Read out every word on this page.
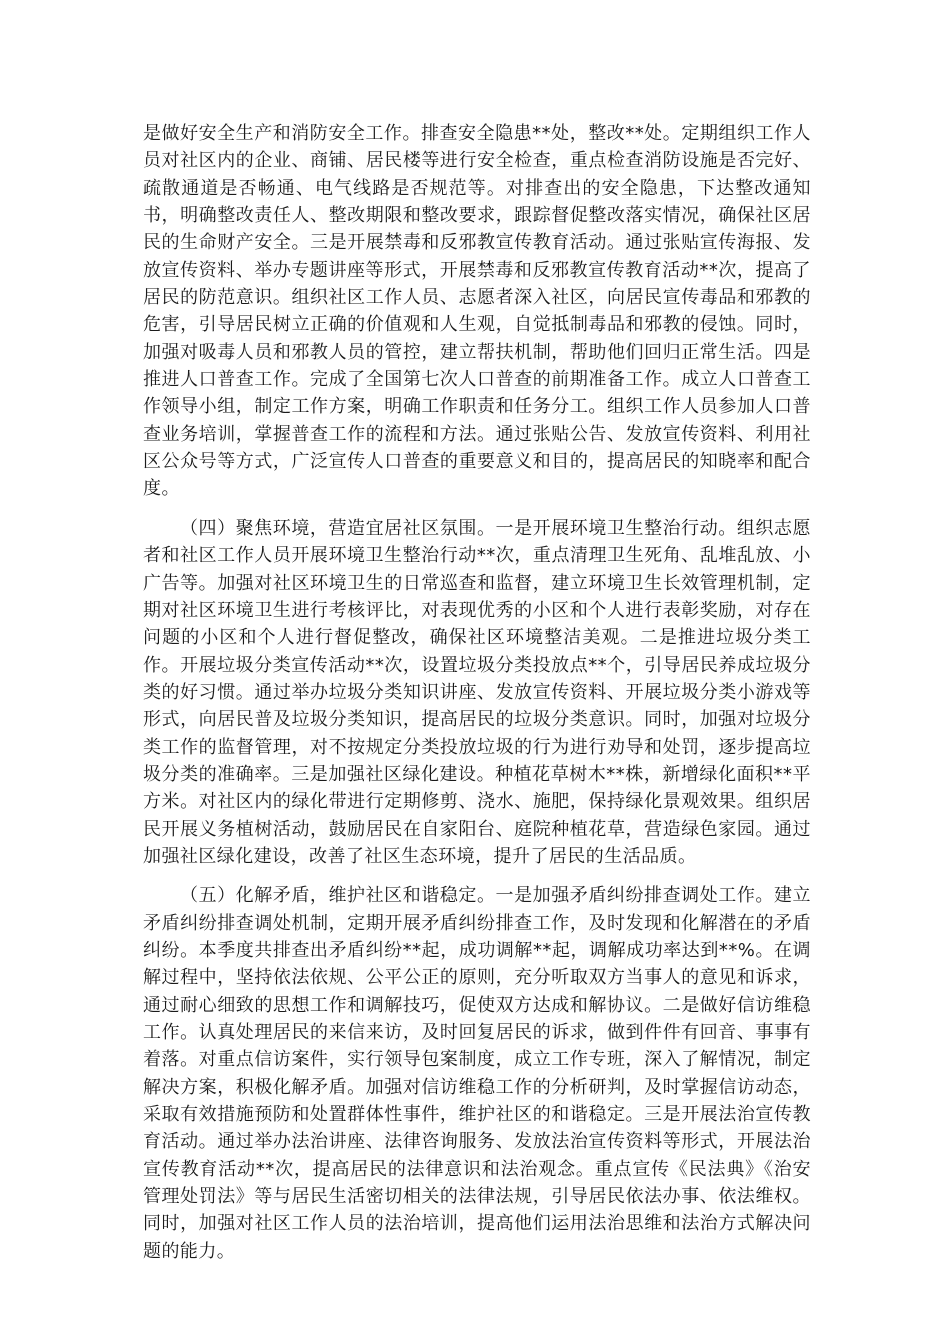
是做好安全生产和消防安全工作。排查安全隐患**处，整改**处。定期组织工作人员对社区内的企业、商铺、居民楼等进行安全检查，重点检查消防设施是否完好、疏散通道是否畅通、电气线路是否规范等。对排查出的安全隐患，下达整改通知书，明确整改责任人、整改期限和整改要求，跟踪督促整改落实情况，确保社区居民的生命财产安全。三是开展禁毒和反邪教宣传教育活动。通过张贴宣传海报、发放宣传资料、举办专题讲座等形式，开展禁毒和反邪教宣传教育活动**次，提高了居民的防范意识。组织社区工作人员、志愿者深入社区，向居民宣传毒品和邪教的危害，引导居民树立正确的价值观和人生观，自觉抵制毒品和邪教的侵蚀。同时，加强对吸毒人员和邪教人员的管控，建立帮扶机制，帮助他们回归正常生活。四是推进人口普查工作。完成了全国第七次人口普查的前期准备工作。成立人口普查工作领导小组，制定工作方案，明确工作职责和任务分工。组织工作人员参加人口普查业务培训，掌握普查工作的流程和方法。通过张贴公告、发放宣传资料、利用社区公众号等方式，广泛宣传人口普查的重要意义和目的，提高居民的知晓率和配合度。

（四）聚焦环境，营造宜居社区氛围。一是开展环境卫生整治行动。组织志愿者和社区工作人员开展环境卫生整治行动**次，重点清理卫生死角、乱堆乱放、小广告等。加强对社区环境卫生的日常巡查和监督，建立环境卫生长效管理机制，定期对社区环境卫生进行考核评比，对表现优秀的小区和个人进行表彰奖励，对存在问题的小区和个人进行督促整改，确保社区环境整洁美观。二是推进垃圾分类工作。开展垃圾分类宣传活动**次，设置垃圾分类投放点**个，引导居民养成垃圾分类的好习惯。通过举办垃圾分类知识讲座、发放宣传资料、开展垃圾分类小游戏等形式，向居民普及垃圾分类知识，提高居民的垃圾分类意识。同时，加强对垃圾分类工作的监督管理，对不按规定分类投放垃圾的行为进行劝导和处罚，逐步提高垃圾分类的准确率。三是加强社区绿化建设。种植花草树木**株，新增绿化面积**平方米。对社区内的绿化带进行定期修剪、浇水、施肥，保持绿化景观效果。组织居民开展义务植树活动，鼓励居民在自家阳台、庭院种植花草，营造绿色家园。通过加强社区绿化建设，改善了社区生态环境，提升了居民的生活品质。

（五）化解矛盾，维护社区和谐稳定。一是加强矛盾纠纷排查调处工作。建立矛盾纠纷排查调处机制，定期开展矛盾纠纷排查工作，及时发现和化解潜在的矛盾纠纷。本季度共排查出矛盾纠纷**起，成功调解**起，调解成功率达到**%。在调解过程中，坚持依法依规、公平公正的原则，充分听取双方当事人的意见和诉求，通过耐心细致的思想工作和调解技巧，促使双方达成和解协议。二是做好信访维稳工作。认真处理居民的来信来访，及时回复居民的诉求，做到件件有回音、事事有着落。对重点信访案件，实行领导包案制度，成立工作专班，深入了解情况，制定解决方案，积极化解矛盾。加强对信访维稳工作的分析研判，及时掌握信访动态，采取有效措施预防和处置群体性事件，维护社区的和谐稳定。三是开展法治宣传教育活动。通过举办法治讲座、法律咨询服务、发放法治宣传资料等形式，开展法治宣传教育活动**次，提高居民的法律意识和法治观念。重点宣传《民法典》《治安管理处罚法》等与居民生活密切相关的法律法规，引导居民依法办事、依法维权。同时，加强对社区工作人员的法治培训，提高他们运用法治思维和法治方式解决问题的能力。
